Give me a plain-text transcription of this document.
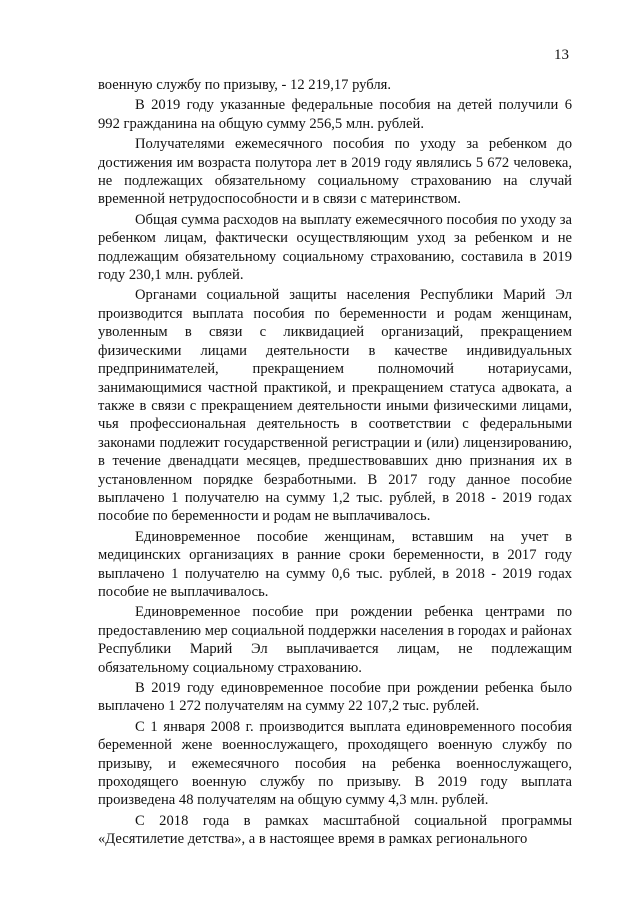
13

военную службу по призыву, - 12 219,17 рубля.

В 2019 году указанные федеральные пособия на детей получили 6 992 гражданина на общую сумму 256,5 млн. рублей.

Получателями ежемесячного пособия по уходу за ребенком до достижения им возраста полутора лет в 2019 году являлись 5 672 человека, не подлежащих обязательному социальному страхованию на случай временной нетрудоспособности и в связи с материнством.

Общая сумма расходов на выплату ежемесячного пособия по уходу за ребенком лицам, фактически осуществляющим уход за ребенком и не подлежащим обязательному социальному страхованию, составила в 2019 году 230,1 млн. рублей.

Органами социальной защиты населения Республики Марий Эл производится выплата пособия по беременности и родам женщинам, уволенным в связи с ликвидацией организаций, прекращением физическими лицами деятельности в качестве индивидуальных предпринимателей, прекращением полномочий нотариусами, занимающимися частной практикой, и прекращением статуса адвоката, а также в связи с прекращением деятельности иными физическими лицами, чья профессиональная деятельность в соответствии с федеральными законами подлежит государственной регистрации и (или) лицензированию, в течение двенадцати месяцев, предшествовавших дню признания их в установленном порядке безработными. В 2017 году данное пособие выплачено 1 получателю на сумму 1,2 тыс. рублей, в 2018 - 2019 годах пособие по беременности и родам не выплачивалось.

Единовременное пособие женщинам, вставшим на учет в медицинских организациях в ранние сроки беременности, в 2017 году выплачено 1 получателю на сумму 0,6 тыс. рублей, в 2018 - 2019 годах пособие не выплачивалось.

Единовременное пособие при рождении ребенка центрами по предоставлению мер социальной поддержки населения в городах и районах Республики Марий Эл выплачивается лицам, не подлежащим обязательному социальному страхованию.

В 2019 году единовременное пособие при рождении ребенка было выплачено 1 272 получателям на сумму 22 107,2 тыс. рублей.

С 1 января 2008 г. производится выплата единовременного пособия беременной жене военнослужащего, проходящего военную службу по призыву, и ежемесячного пособия на ребенка военнослужащего, проходящего военную службу по призыву. В 2019 году выплата произведена 48 получателям на общую сумму 4,3 млн. рублей.

С 2018 года в рамках масштабной социальной программы «Десятилетие детства», а в настоящее время в рамках регионального
